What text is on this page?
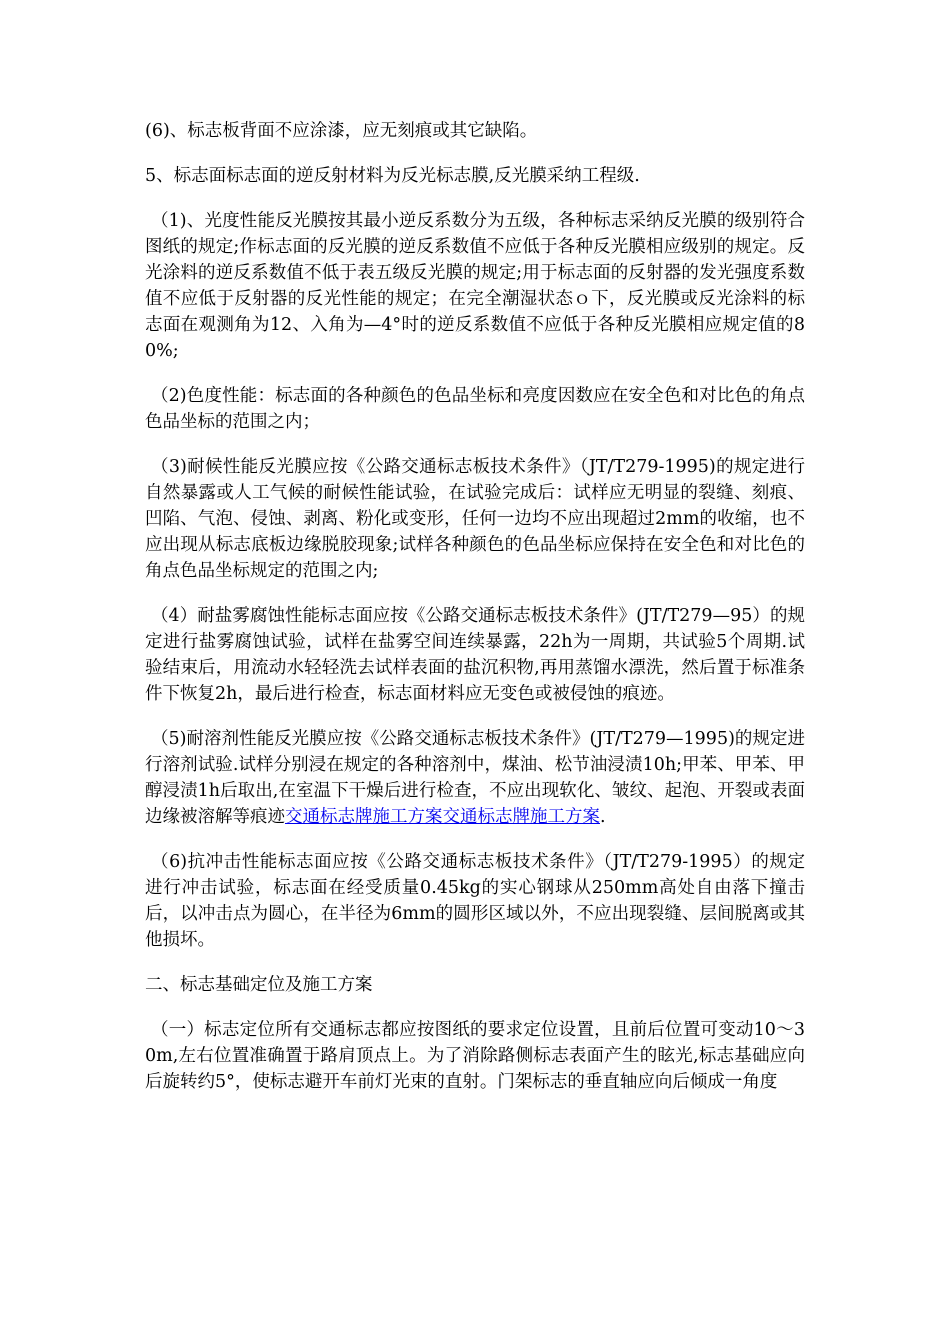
(6)、标志板背面不应涂漆，应无刻痕或其它缺陷。

5、标志面标志面的逆反射材料为反光标志膜,反光膜采纳工程级.

（1)、光度性能反光膜按其最小逆反系数分为五级，各种标志采纳反光膜的级别符合图纸的规定;作标志面的反光膜的逆反系数值不应低于各种反光膜相应级别的规定。反光涂料的逆反系数值不低于表五级反光膜的规定;用于标志面的反射器的发光强度系数值不应低于反射器的反光性能的规定；在完全潮湿状态ｏ下，反光膜或反光涂料的标志面在观测角为12、入角为—4°时的逆反系数值不应低于各种反光膜相应规定值的80%;

（2)色度性能：标志面的各种颜色的色品坐标和亮度因数应在安全色和对比色的角点色品坐标的范围之内；

（3)耐候性能反光膜应按《公路交通标志板技术条件》（JT/T279-1995)的规定进行自然暴露或人工气候的耐候性能试验，在试验完成后：试样应无明显的裂缝、刻痕、凹陷、气泡、侵蚀、剥离、粉化或变形，任何一边均不应出现超过2mm的收缩，也不应出现从标志底板边缘脱胶现象;试样各种颜色的色品坐标应保持在安全色和对比色的角点色品坐标规定的范围之内;

（4）耐盐雾腐蚀性能标志面应按《公路交通标志板技术条件》(JT/T279—95）的规定进行盐雾腐蚀试验，试样在盐雾空间连续暴露，22h为一周期，共试验5个周期.试验结束后，用流动水轻轻洗去试样表面的盐沉积物,再用蒸馏水漂洗，然后置于标准条件下恢复2h，最后进行检查，标志面材料应无变色或被侵蚀的痕迹。

（5)耐溶剂性能反光膜应按《公路交通标志板技术条件》(JT/T279—1995)的规定进行溶剂试验.试样分别浸在规定的各种溶剂中，煤油、松节油浸渍10h;甲苯、甲苯、甲醇浸渍1h后取出,在室温下干燥后进行检查，不应出现软化、皱纹、起泡、开裂或表面边缘被溶解等痕迹交通标志牌施工方案交通标志牌施工方案.

（6)抗冲击性能标志面应按《公路交通标志板技术条件》（JT/T279-1995）的规定进行冲击试验，标志面在经受质量0.45kg的实心钢球从250mm高处自由落下撞击后，以冲击点为圆心，在半径为6mm的圆形区域以外，不应出现裂缝、层间脱离或其他损坏。

二、标志基础定位及施工方案

（一）标志定位所有交通标志都应按图纸的要求定位设置，且前后位置可变动10～30m,左右位置准确置于路肩顶点上。为了消除路侧标志表面产生的眩光,标志基础应向后旋转约5°，使标志避开车前灯光束的直射。门架标志的垂直轴应向后倾成一角度
